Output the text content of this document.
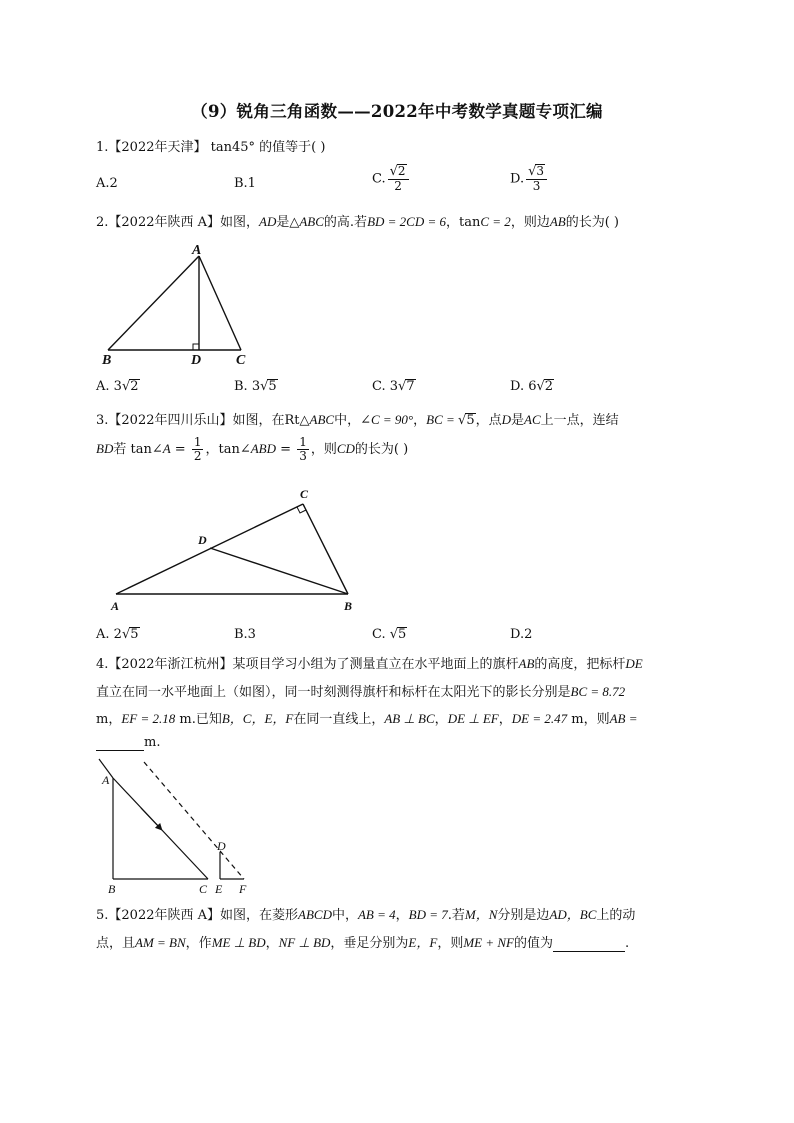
（9）锐角三角函数——2022年中考数学真题专项汇编
1.【2022年天津】 tan45° 的值等于( )
A.2	B.1	C. $\frac{√2}{2}$	D. $\frac{√3}{3}$
2.【2022年陕西 A】如图，AD是△ABC的高.若BD = 2CD = 6，tanC = 2，则边AB的长为( )
A
B	D C
A. 3√2	B. 3√5	C. 3√7	D. 6√2
3.【2022年四川乐山】如图，在Rt△ABC中，∠C = 90°，BC = √5，点D是AC上一点，连结
BD若 tan∠A = $\frac{1}{2}$ ，tan∠ABD = $\frac{1}{3}$ ，则CD的长为( )
C
D
A	B
A. 2√5	B.3	C. √5	D.2
4.【2022年浙江杭州】某项目学习小组为了测量直立在水平地面上的旗杆AB的高度，把标杆DE
直立在同一水平地面上（如图），同一时刻测得旗杆和标杆在太阳光下的影长分别是BC = 8.72
m，EF = 2.18 m.已知B，C，E，F在同一直线上，AB ⊥ BC，DE ⊥ EF，DE = 2.47 m，则AB =
m.
A
B	C
D
E F
5.【2022年陕西 A】如图，在菱形ABCD中，AB = 4，BD = 7.若M，N分别是边AD，BC上的动
点，且AM = BN，作ME ⊥ BD，NF ⊥ BD，垂足分别为E，F，则ME + NF的值为	.
